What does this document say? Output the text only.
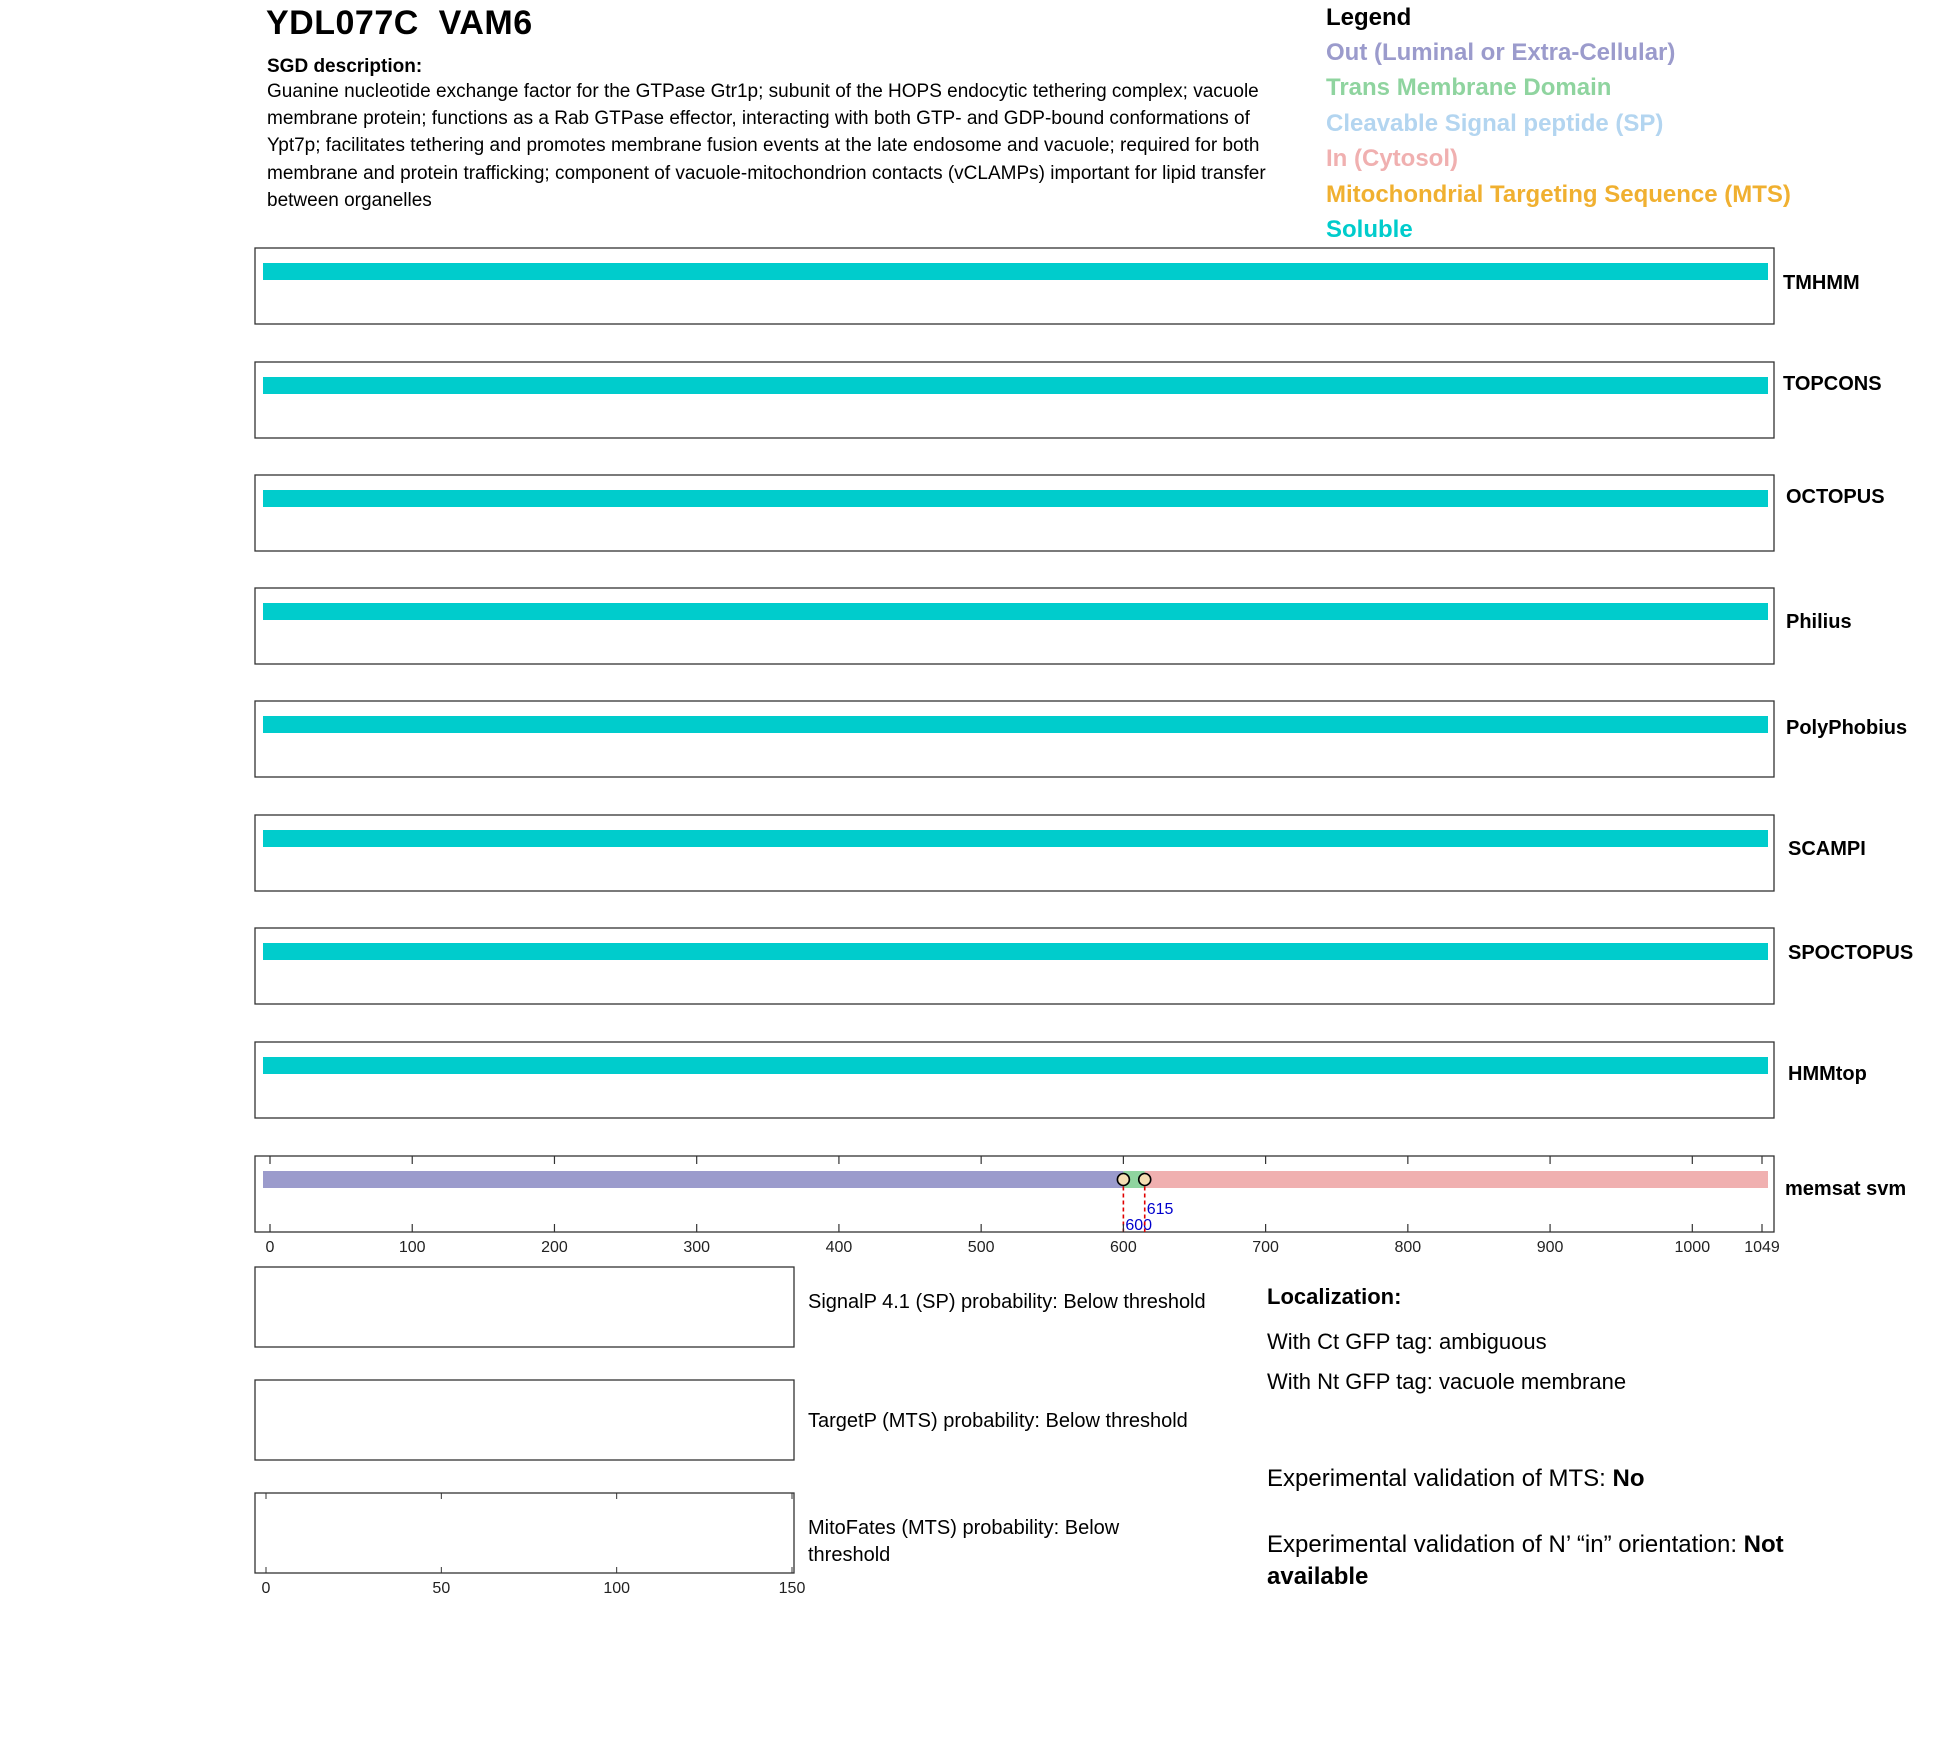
YDL077C  VAM6
SGD description:
Guanine nucleotide exchange factor for the GTPase Gtr1p; subunit of the HOPS endocytic tethering complex; vacuole membrane protein; functions as a Rab GTPase effector, interacting with both GTP- and GDP-bound conformations of Ypt7p; facilitates tethering and promotes membrane fusion events at the late endosome and vacuole; required for both membrane and protein trafficking; component of vacuole-mitochondrion contacts (vCLAMPs) important for lipid transfer between organelles
Legend
Out (Luminal or Extra-Cellular)
Trans Membrane Domain
Cleavable Signal peptide (SP)
In (Cytosol)
Mitochondrial Targeting Sequence (MTS)
Soluble
600
615
0	100	200	300	400	500	600	700	800	900	1000 1049
TMHMM
TOPCONS
OCTOPUS
Philius
PolyPhobius
SCAMPI
SPOCTOPUS
HMMtop
memsat svm
0	50	100	150
SignalP 4.1 (SP) probability: Below threshold
TargetP (MTS) probability: Below threshold
MitoFates (MTS) probability: Below threshold
Localization:
With Ct GFP tag: ambiguous
With Nt GFP tag: vacuole membrane
Experimental validation of MTS: No
Experimental validation of N’ “in” orientation: Not available
